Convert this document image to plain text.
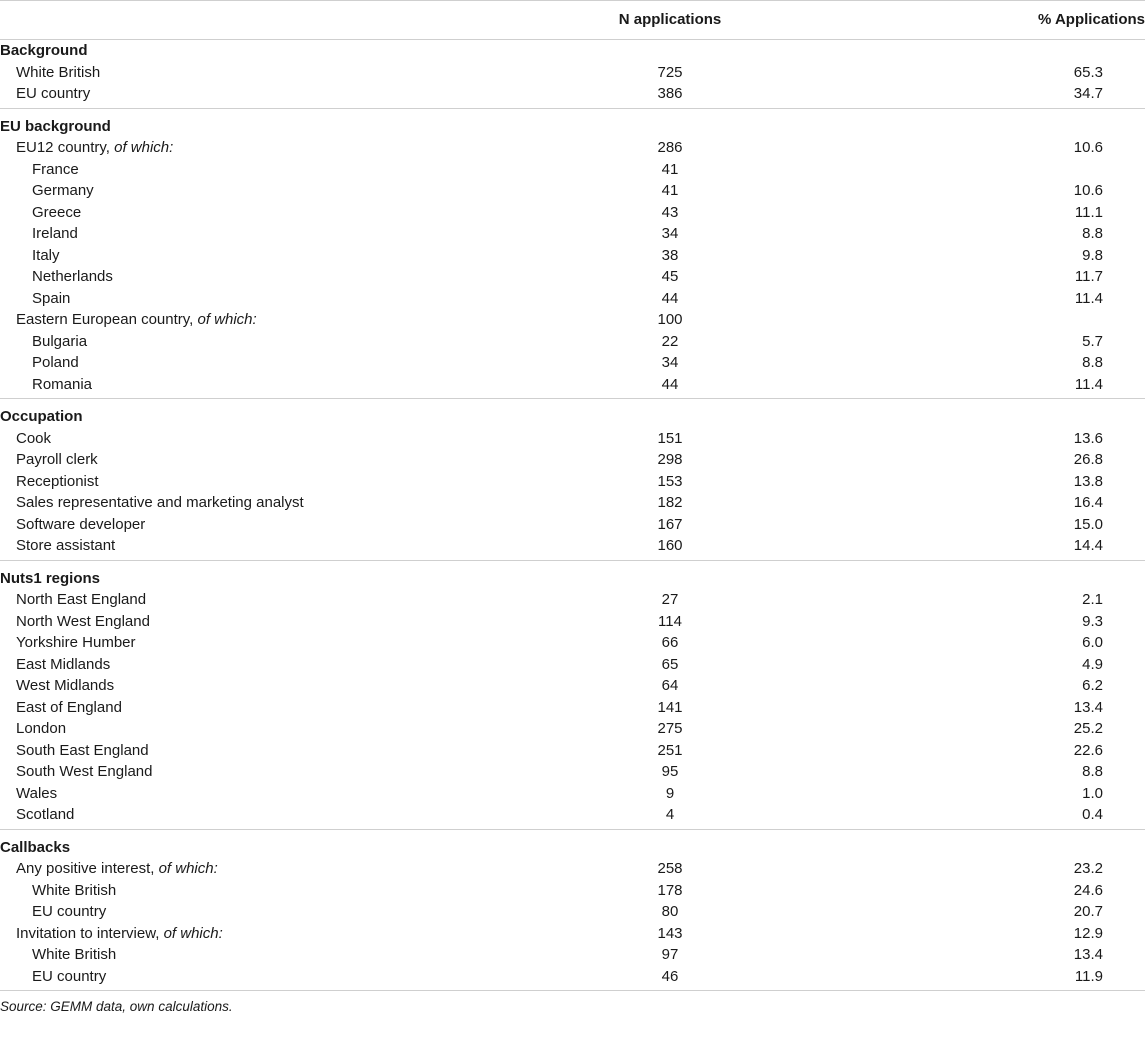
	N applications	% Applications
Background		
White British	725	65.3
EU country	386	34.7

EU background		
EU12 country, of which:	286	10.6
France	41	
Germany	41	10.6
Greece	43	11.1
Ireland	34	8.8
Italy	38	9.8
Netherlands	45	11.7
Spain	44	11.4
Eastern European country, of which:	100	
Bulgaria	22	5.7
Poland	34	8.8
Romania	44	11.4

Occupation		
Cook	151	13.6
Payroll clerk	298	26.8
Receptionist	153	13.8
Sales representative and marketing analyst	182	16.4
Software developer	167	15.0
Store assistant	160	14.4

Nuts1 regions		
North East England	27	2.1
North West England	114	9.3
Yorkshire Humber	66	6.0
East Midlands	65	4.9
West Midlands	64	6.2
East of England	141	13.4
London	275	25.2
South East England	251	22.6
South West England	95	8.8
Wales	9	1.0
Scotland	4	0.4

Callbacks		
Any positive interest, of which:	258	23.2
White British	178	24.6
EU country	80	20.7
Invitation to interview, of which:	143	12.9
White British	97	13.4
EU country	46	11.9

Source: GEMM data, own calculations.
